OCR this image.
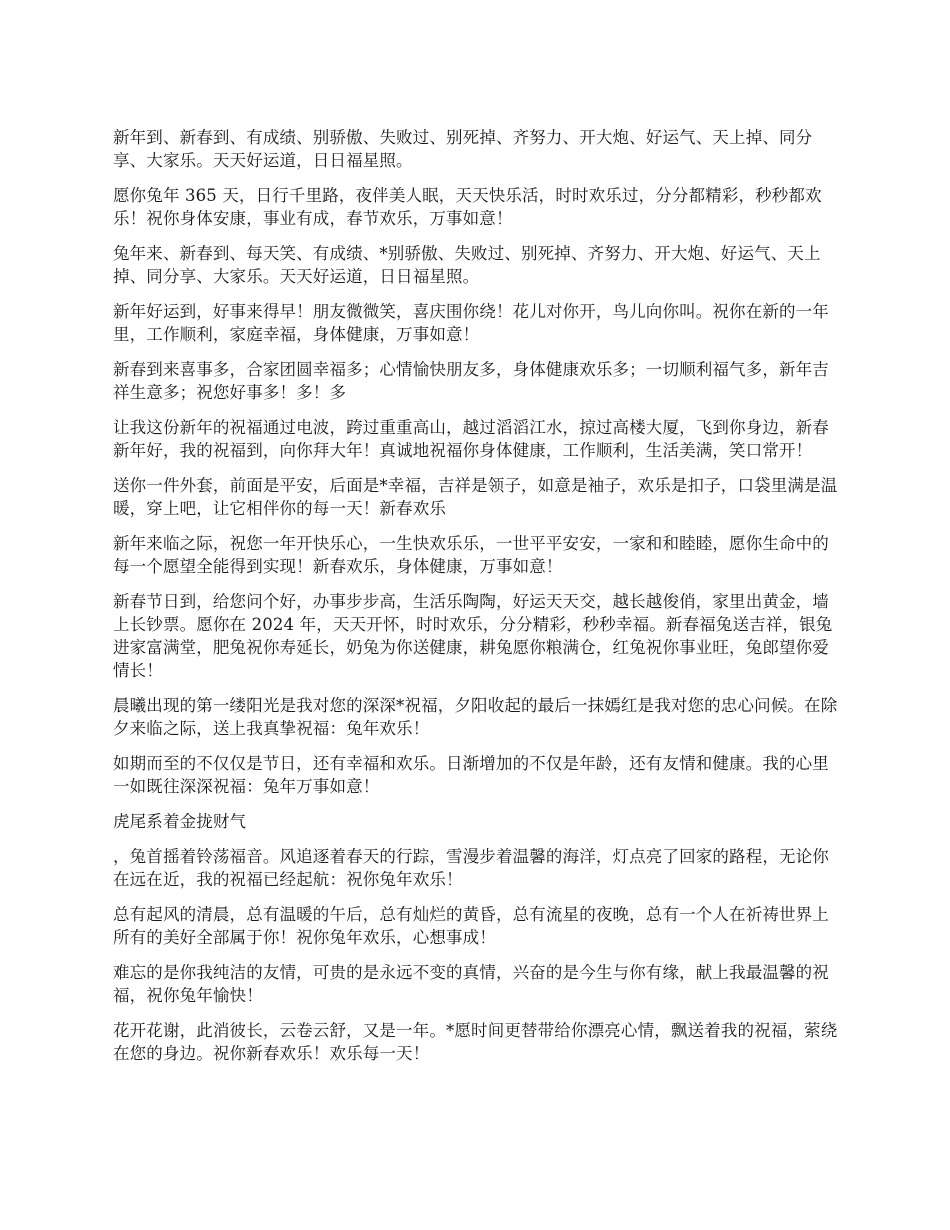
新年到、新春到、有成绩、别骄傲、失败过、别死掉、齐努力、开大炮、好运气、天上掉、同分享、大家乐。天天好运道，日日福星照。

愿你兔年 365 天，日行千里路，夜伴美人眠，天天快乐活，时时欢乐过，分分都精彩，秒秒都欢乐！祝你身体安康，事业有成，春节欢乐，万事如意！

兔年来、新春到、每天笑、有成绩、*别骄傲、失败过、别死掉、齐努力、开大炮、好运气、天上掉、同分享、大家乐。天天好运道，日日福星照。

新年好运到，好事来得早！朋友微微笑，喜庆围你绕！花儿对你开，鸟儿向你叫。祝你在新的一年里，工作顺利，家庭幸福，身体健康，万事如意！

新春到来喜事多，合家团圆幸福多；心情愉快朋友多，身体健康欢乐多；一切顺利福气多，新年吉祥生意多；祝您好事多！多！多

让我这份新年的祝福通过电波，跨过重重高山，越过滔滔江水，掠过高楼大厦，飞到你身边，新春新年好，我的祝福到，向你拜大年！真诚地祝福你身体健康，工作顺利，生活美满，笑口常开！

送你一件外套，前面是平安，后面是*幸福，吉祥是领子，如意是袖子，欢乐是扣子，口袋里满是温暖，穿上吧，让它相伴你的每一天！新春欢乐

新年来临之际，祝您一年开快乐心，一生快欢乐乐，一世平平安安，一家和和睦睦，愿你生命中的每一个愿望全能得到实现！新春欢乐，身体健康，万事如意！

新春节日到，给您问个好，办事步步高，生活乐陶陶，好运天天交，越长越俊俏，家里出黄金，墙上长钞票。愿你在 2024 年，天天开怀，时时欢乐，分分精彩，秒秒幸福。新春福兔送吉祥，银兔进家富满堂，肥兔祝你寿延长，奶兔为你送健康，耕兔愿你粮满仓，红兔祝你事业旺，兔郎望你爱情长！

晨曦出现的第一缕阳光是我对您的深深*祝福，夕阳收起的最后一抹嫣红是我对您的忠心问候。在除夕来临之际，送上我真挚祝福：兔年欢乐！

如期而至的不仅仅是节日，还有幸福和欢乐。日渐增加的不仅是年龄，还有友情和健康。我的心里一如既往深深祝福：兔年万事如意！

虎尾系着金拢财气

，兔首摇着铃荡福音。风追逐着春天的行踪，雪漫步着温馨的海洋，灯点亮了回家的路程，无论你在远在近，我的祝福已经起航：祝你兔年欢乐！

总有起风的清晨，总有温暖的午后，总有灿烂的黄昏，总有流星的夜晚，总有一个人在祈祷世界上所有的美好全部属于你！祝你兔年欢乐，心想事成！

难忘的是你我纯洁的友情，可贵的是永远不变的真情，兴奋的是今生与你有缘，献上我最温馨的祝福，祝你兔年愉快！

花开花谢，此消彼长，云卷云舒，又是一年。*愿时间更替带给你漂亮心情，飘送着我的祝福，萦绕在您的身边。祝你新春欢乐！欢乐每一天！
